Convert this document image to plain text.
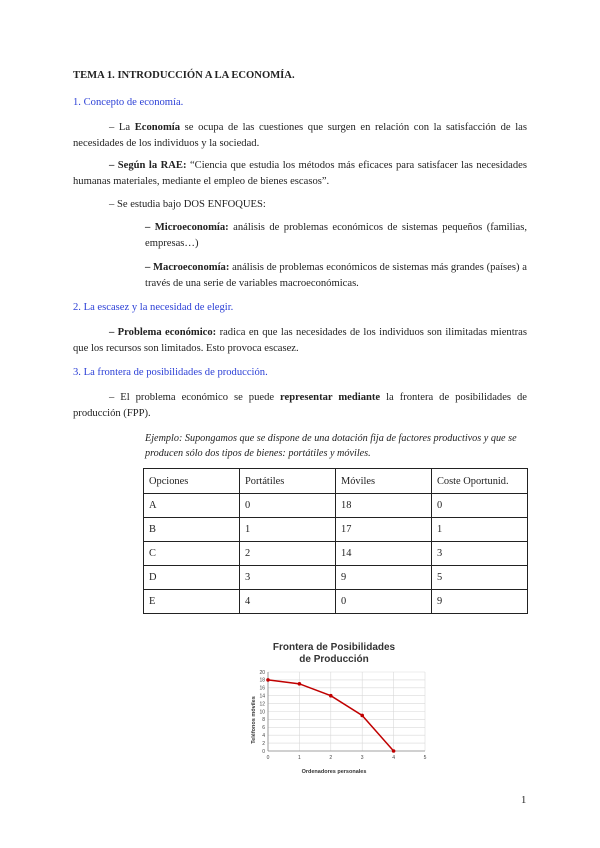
TEMA 1. INTRODUCCIÓN A LA ECONOMÍA.
1. Concepto de economía.

– La Economía se ocupa de las cuestiones que surgen en relación con la satisfacción de las necesidades de los individuos y la sociedad.

– Según la RAE: “Ciencia que estudia los métodos más eficaces para satisfacer las necesidades humanas materiales, mediante el empleo de bienes escasos”.

– Se estudia bajo DOS ENFOQUES:

– Microeconomía: análisis de problemas económicos de sistemas pequeños (familias, empresas…)

– Macroeconomía: análisis de problemas económicos de sistemas más grandes (países) a través de una serie de variables macroeconómicas.

2. La escasez y la necesidad de elegir.

– Problema económico: radica en que las necesidades de los individuos son ilimitadas mientras que los recursos son limitados. Esto provoca escasez.

3. La frontera de posibilidades de producción.

– El problema económico se puede representar mediante la frontera de posibilidades de producción (FPP).

Ejemplo: Supongamos que se dispone de una dotación fija de factores productivos y que se producen sólo dos tipos de bienes: portátiles y móviles.
Opciones	Portátiles	Móviles	Coste Oportunid.
A	0	18	0
B	1	17	1
C	2	14	3
D	3	9	5
E	4	0	9
Frontera de Posibilidades
de Producción
0
2
4
6
8
10
12
14
16
18
20
0	1	2	3	4	5
Ordenadores personales
Teléfonos móviles
1
